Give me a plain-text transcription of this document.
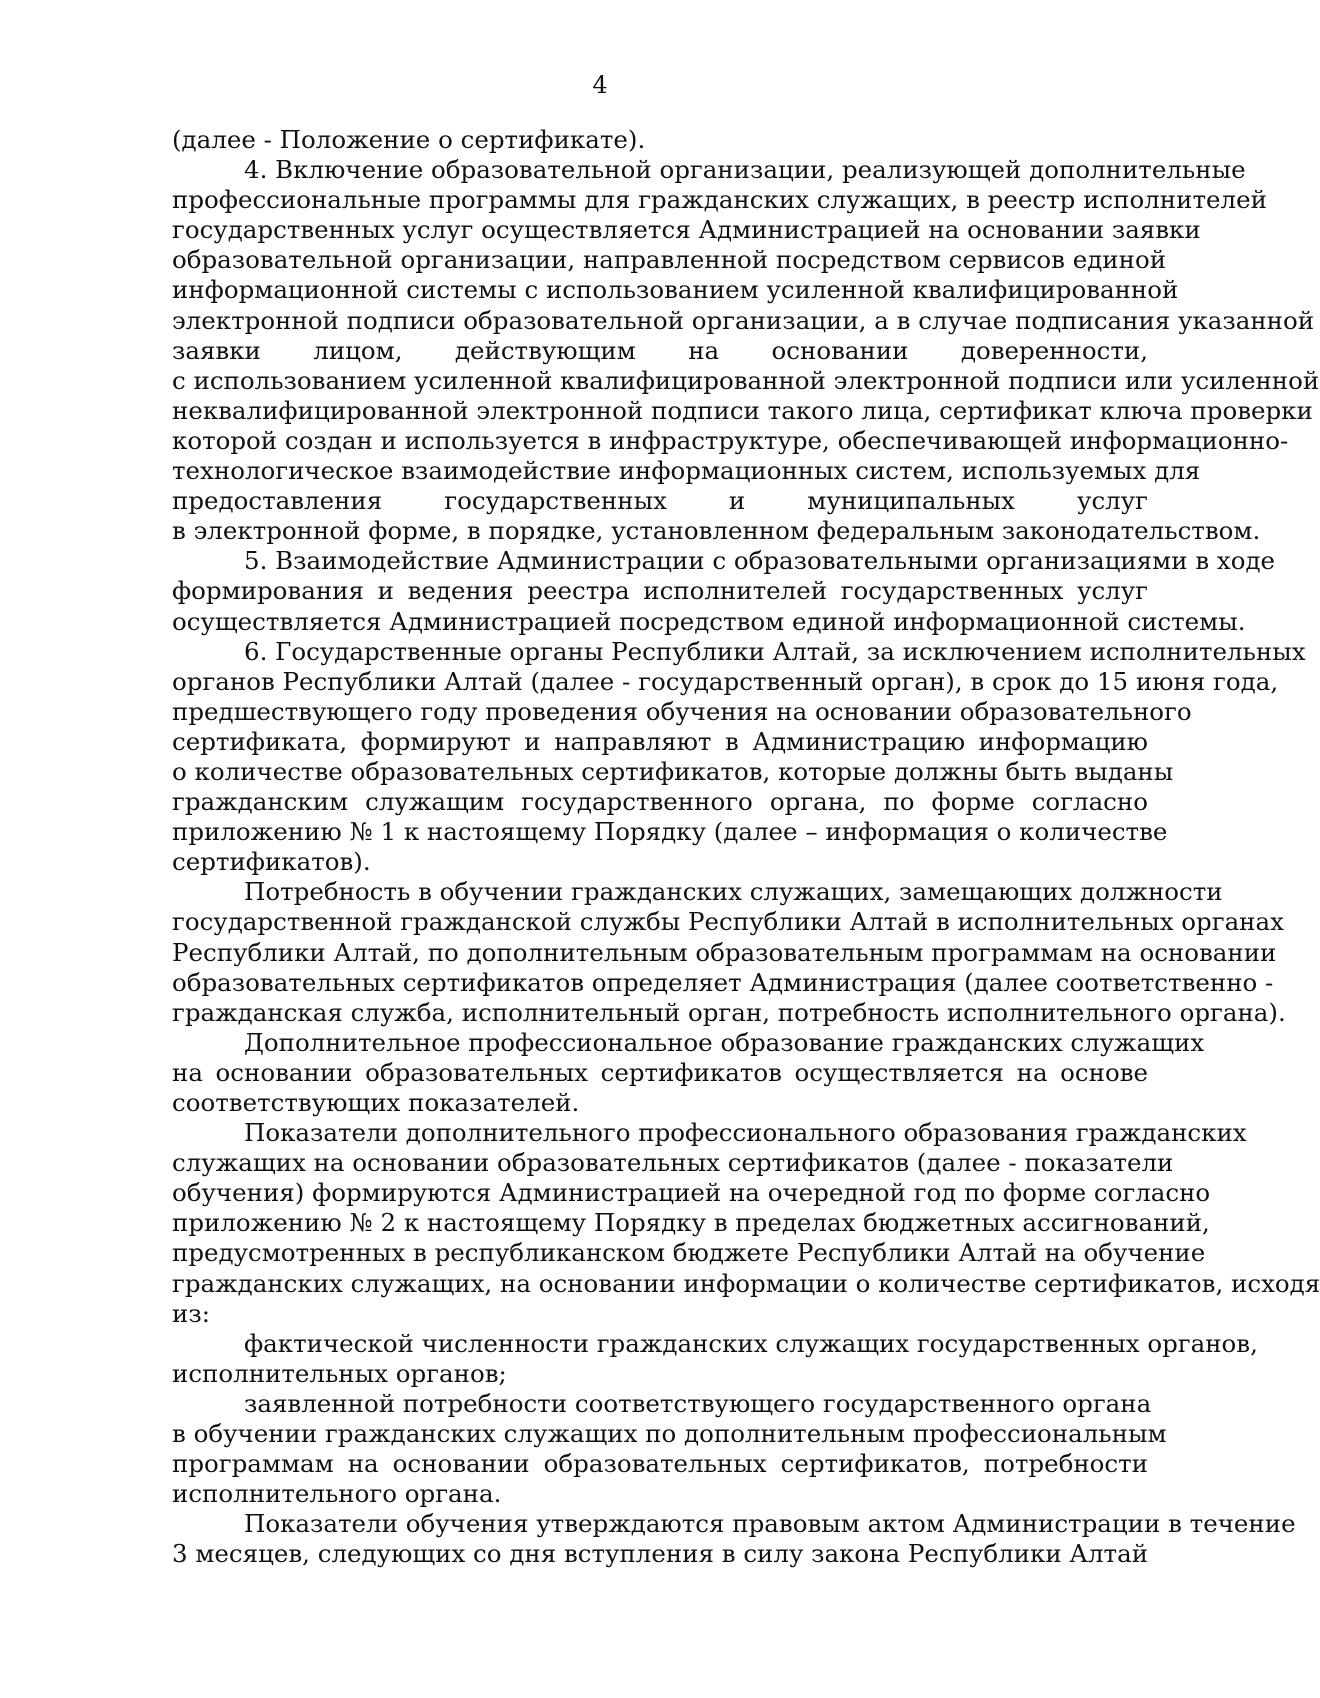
4
(далее - Положение о сертификате).
4. Включение образовательной организации, реализующей дополнительные
профессиональные программы для гражданских служащих, в реестр исполнителей
государственных услуг осуществляется Администрацией на основании заявки
образовательной организации, направленной посредством сервисов единой
информационной системы с использованием усиленной квалифицированной
электронной подписи образовательной организации, а в случае подписания указанной
заявки лицом, действующим на основании доверенности,
с использованием усиленной квалифицированной электронной подписи или усиленной
неквалифицированной электронной подписи такого лица, сертификат ключа проверки
которой создан и используется в инфраструктуре, обеспечивающей информационно-
технологическое взаимодействие информационных систем, используемых для
предоставления государственных и муниципальных услуг
в электронной форме, в порядке, установленном федеральным законодательством.
5. Взаимодействие Администрации с образовательными организациями в ходе
формирования и ведения реестра исполнителей государственных услуг
осуществляется Администрацией посредством единой информационной системы.
6. Государственные органы Республики Алтай, за исключением исполнительных
органов Республики Алтай (далее - государственный орган), в срок до 15 июня года,
предшествующего году проведения обучения на основании образовательного
сертификата, формируют и направляют в Администрацию информацию
о количестве образовательных сертификатов, которые должны быть выданы
гражданским служащим государственного органа, по форме согласно
приложению № 1 к настоящему Порядку (далее – информация о количестве
сертификатов).
Потребность в обучении гражданских служащих, замещающих должности
государственной гражданской службы Республики Алтай в исполнительных органах
Республики Алтай, по дополнительным образовательным программам на основании
образовательных сертификатов определяет Администрация (далее соответственно -
гражданская служба, исполнительный орган, потребность исполнительного органа).
Дополнительное профессиональное образование гражданских служащих
на основании образовательных сертификатов осуществляется на основе
соответствующих показателей.
Показатели дополнительного профессионального образования гражданских
служащих на основании образовательных сертификатов (далее - показатели
обучения) формируются Администрацией на очередной год по форме согласно
приложению № 2 к настоящему Порядку в пределах бюджетных ассигнований,
предусмотренных в республиканском бюджете Республики Алтай на обучение
гражданских служащих, на основании информации о количестве сертификатов, исходя
из:
фактической численности гражданских служащих государственных органов,
исполнительных органов;
заявленной потребности соответствующего государственного органа
в обучении гражданских служащих по дополнительным профессиональным
программам на основании образовательных сертификатов, потребности
исполнительного органа.
Показатели обучения утверждаются правовым актом Администрации в течение
3 месяцев, следующих со дня вступления в силу закона Республики Алтай
